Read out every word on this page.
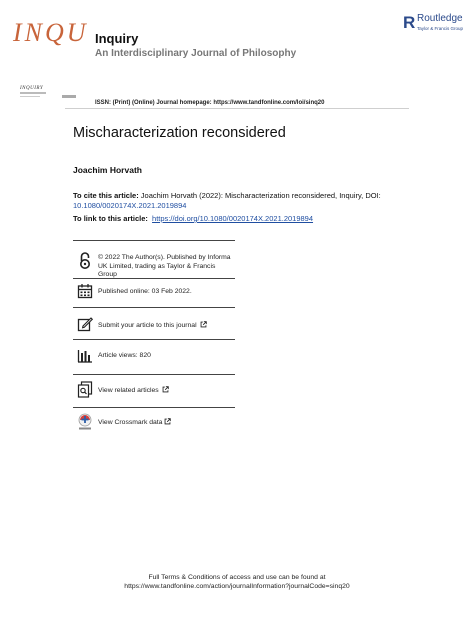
INQU Inquiry
An Interdisciplinary Journal of Philosophy
R Routledge
Taylor & Francis Group
INQUIRY
ISSN: (Print) (Online) Journal homepage: https://www.tandfonline.com/loi/sinq20
Mischaracterization reconsidered
Joachim Horvath
To cite this article: Joachim Horvath (2022): Mischaracterization reconsidered, Inquiry, DOI:
10.1080/0020174X.2021.2019894
To link to this article: https://doi.org/10.1080/0020174X.2021.2019894
© 2022 The Author(s). Published by Informa UK Limited, trading as Taylor & Francis Group
Published online: 03 Feb 2022.
Submit your article to this journal
Article views: 820
View related articles
View Crossmark data
Full Terms & Conditions of access and use can be found at
https://www.tandfonline.com/action/journalInformation?journalCode=sinq20
